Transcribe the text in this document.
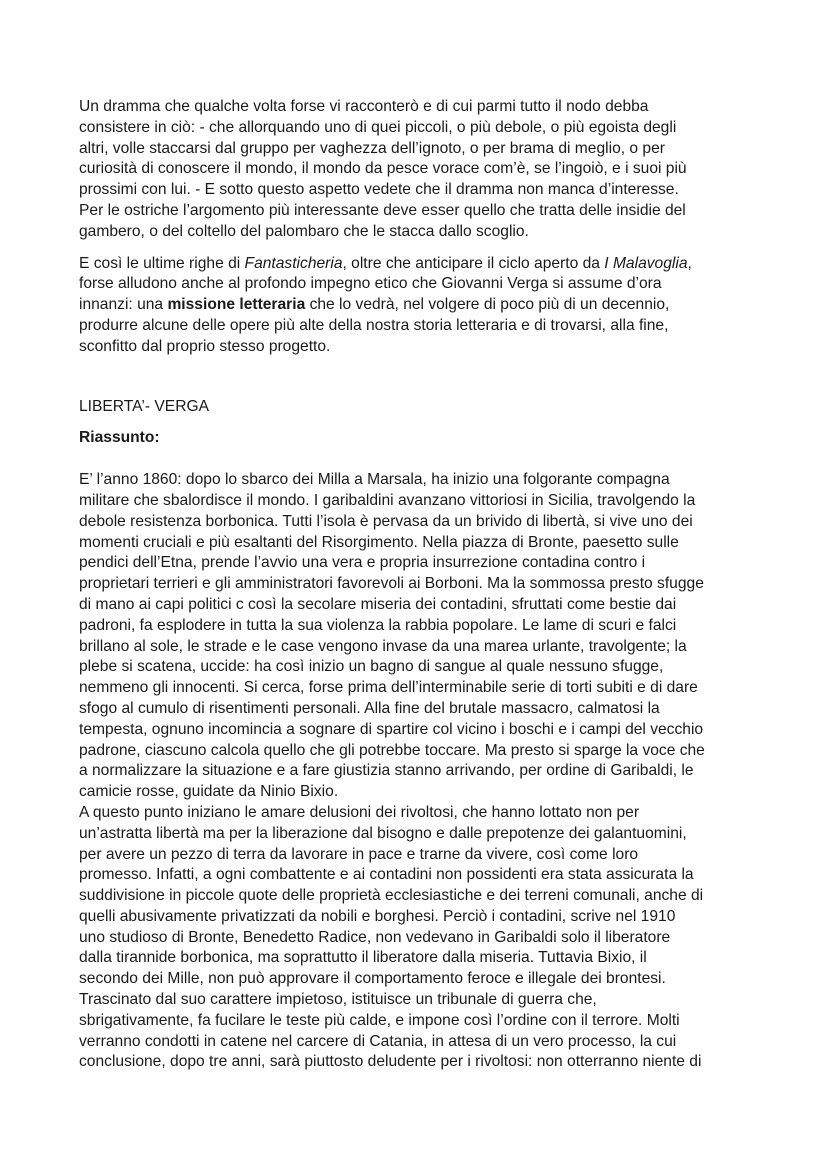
Un dramma che qualche volta forse vi racconterò e di cui parmi tutto il nodo debba
consistere in ciò: - che allorquando uno di quei piccoli, o più debole, o più egoista degli
altri, volle staccarsi dal gruppo per vaghezza dell’ignoto, o per brama di meglio, o per
curiosità di conoscere il mondo, il mondo da pesce vorace com’è, se l’ingoiò, e i suoi più
prossimi con lui. - E sotto questo aspetto vedete che il dramma non manca d’interesse.
Per le ostriche l’argomento più interessante deve esser quello che tratta delle insidie del
gambero, o del coltello del palombaro che le stacca dallo scoglio.

E così le ultime righe di Fantasticheria, oltre che anticipare il ciclo aperto da I Malavoglia,
forse alludono anche al profondo impegno etico che Giovanni Verga si assume d’ora
innanzi: una missione letteraria che lo vedrà, nel volgere di poco più di un decennio,
produrre alcune delle opere più alte della nostra storia letteraria e di trovarsi, alla fine,
sconfitto dal proprio stesso progetto.

LIBERTA’- VERGA
Riassunto:

E’ l’anno 1860: dopo lo sbarco dei Milla a Marsala, ha inizio una folgorante compagna
militare che sbalordisce il mondo. I garibaldini avanzano vittoriosi in Sicilia, travolgendo la
debole resistenza borbonica. Tutti l’isola è pervasa da un brivido di libertà, si vive uno dei
momenti cruciali e più esaltanti del Risorgimento. Nella piazza di Bronte, paesetto sulle
pendici dell’Etna, prende l’avvio una vera e propria insurrezione contadina contro i
proprietari terrieri e gli amministratori favorevoli ai Borboni. Ma la sommossa presto sfugge
di mano ai capi politici c così la secolare miseria dei contadini, sfruttati come bestie dai
padroni, fa esplodere in tutta la sua violenza la rabbia popolare. Le lame di scuri e falci
brillano al sole, le strade e le case vengono invase da una marea urlante, travolgente; la
plebe si scatena, uccide: ha così inizio un bagno di sangue al quale nessuno sfugge,
nemmeno gli innocenti. Si cerca, forse prima dell’interminabile serie di torti subiti e di dare
sfogo al cumulo di risentimenti personali. Alla fine del brutale massacro, calmatosi la
tempesta, ognuno incomincia a sognare di spartire col vicino i boschi e i campi del vecchio
padrone, ciascuno calcola quello che gli potrebbe toccare. Ma presto si sparge la voce che
a normalizzare la situazione e a fare giustizia stanno arrivando, per ordine di Garibaldi, le
camicie rosse, guidate da Ninio Bixio.

A questo punto iniziano le amare delusioni dei rivoltosi, che hanno lottato non per
un’astratta libertà ma per la liberazione dal bisogno e dalle prepotenze dei galantuomini,
per avere un pezzo di terra da lavorare in pace e trarne da vivere, così come loro
promesso. Infatti, a ogni combattente e ai contadini non possidenti era stata assicurata la
suddivisione in piccole quote delle proprietà ecclesiastiche e dei terreni comunali, anche di
quelli abusivamente privatizzati da nobili e borghesi. Perciò i contadini, scrive nel 1910
uno studioso di Bronte, Benedetto Radice, non vedevano in Garibaldi solo il liberatore
dalla tirannide borbonica, ma soprattutto il liberatore dalla miseria. Tuttavia Bixio, il
secondo dei Mille, non può approvare il comportamento feroce e illegale dei brontesi.
Trascinato dal suo carattere impietoso, istituisce un tribunale di guerra che,
sbrigativamente, fa fucilare le teste più calde, e impone così l’ordine con il terrore. Molti
verranno condotti in catene nel carcere di Catania, in attesa di un vero processo, la cui
conclusione, dopo tre anni, sarà piuttosto deludente per i rivoltosi: non otterranno niente di
